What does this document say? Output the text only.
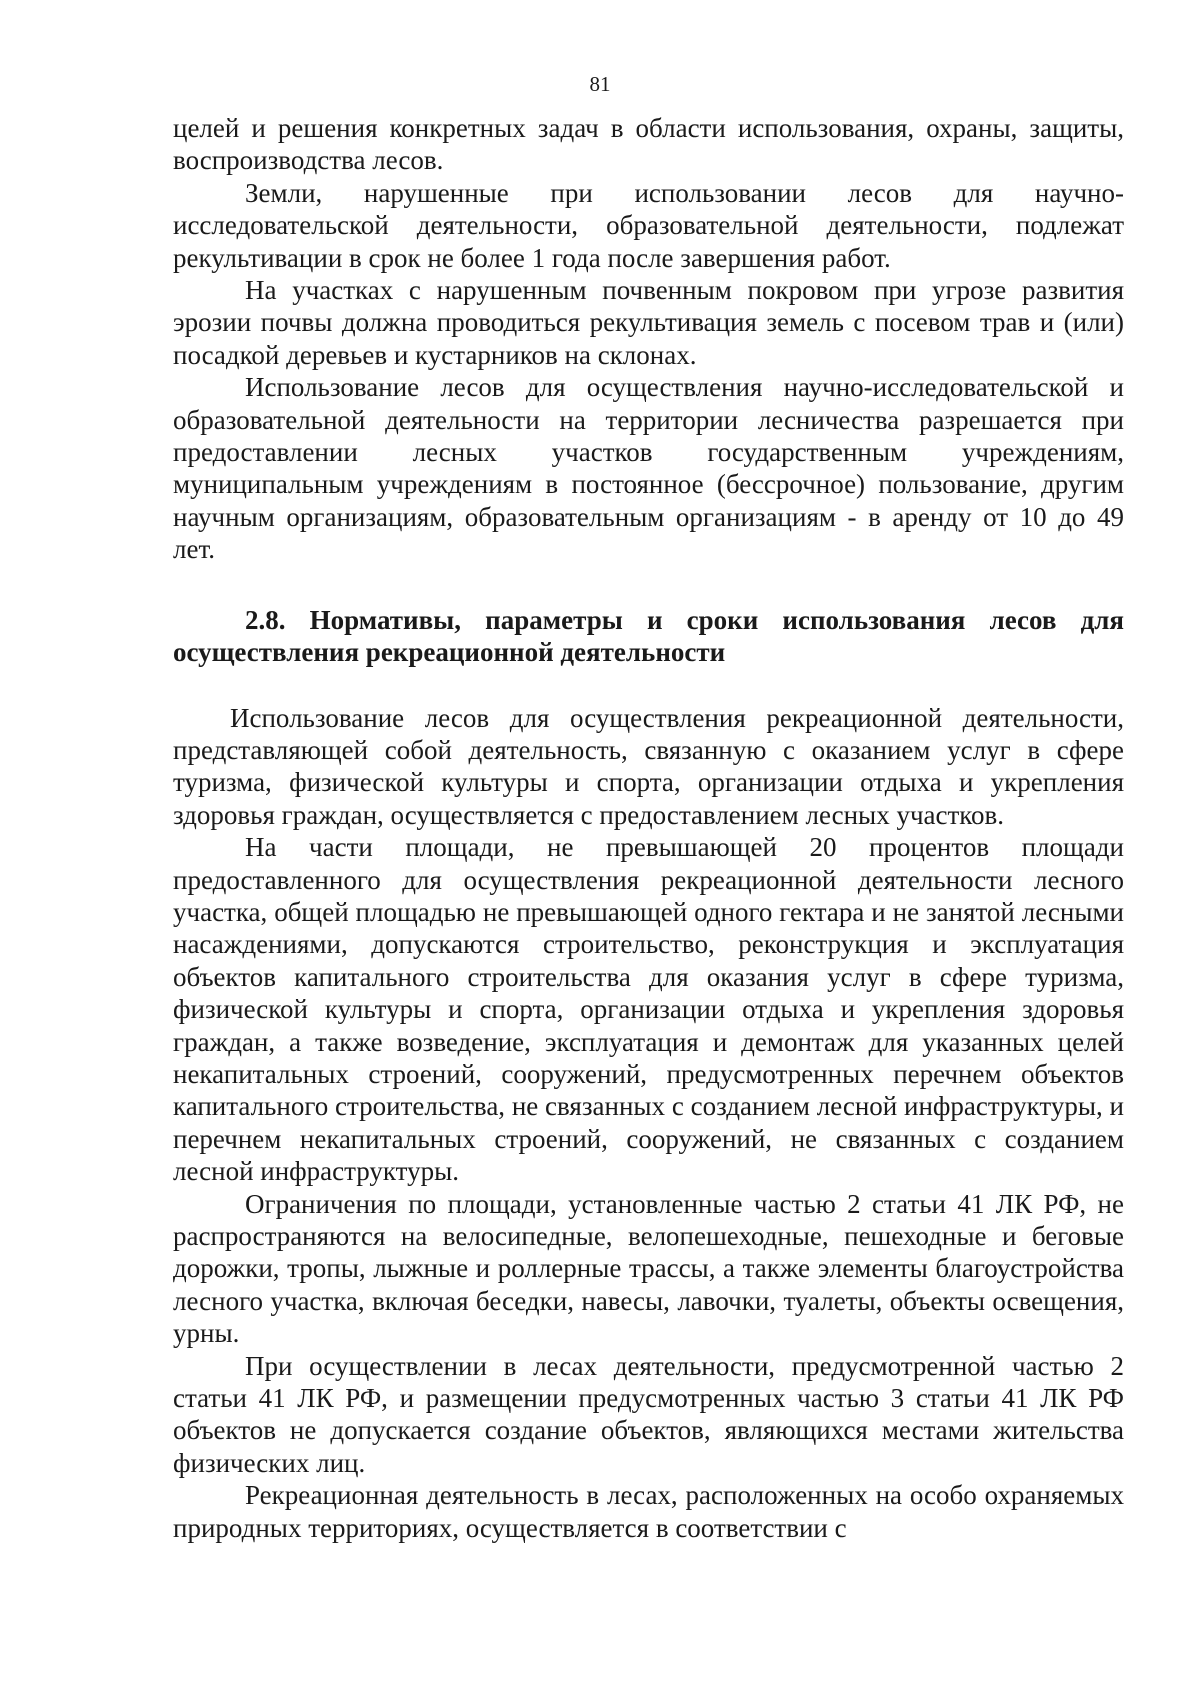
81

целей и решения конкретных задач в области использования, охраны, защиты, воспроизводства лесов.

Земли, нарушенные при использовании лесов для научно-исследовательской деятельности, образовательной деятельности, подлежат рекультивации в срок не более 1 года после завершения работ.

На участках с нарушенным почвенным покровом при угрозе развития эрозии почвы должна проводиться рекультивация земель с посевом трав и (или) посадкой деревьев и кустарников на склонах.

Использование лесов для осуществления научно-исследовательской и образовательной деятельности на территории лесничества разрешается при предоставлении лесных участков государственным учреждениям, муниципальным учреждениям в постоянное (бессрочное) пользование, другим научным организациям, образовательным организациям - в аренду от 10 до 49 лет.

2.8. Нормативы, параметры и сроки использования лесов для осуществления рекреационной деятельности

Использование лесов для осуществления рекреационной деятельности, представляющей собой деятельность, связанную с оказанием услуг в сфере туризма, физической культуры и спорта, организации отдыха и укрепления здоровья граждан, осуществляется с предоставлением лесных участков.

На части площади, не превышающей 20 процентов площади предоставленного для осуществления рекреационной деятельности лесного участка, общей площадью не превышающей одного гектара и не занятой лесными насаждениями, допускаются строительство, реконструкция и эксплуатация объектов капитального строительства для оказания услуг в сфере туризма, физической культуры и спорта, организации отдыха и укрепления здоровья граждан, а также возведение, эксплуатация и демонтаж для указанных целей некапитальных строений, сооружений, предусмотренных перечнем объектов капитального строительства, не связанных с созданием лесной инфраструктуры, и перечнем некапитальных строений, сооружений, не связанных с созданием лесной инфраструктуры.

Ограничения по площади, установленные частью 2 статьи 41 ЛК РФ, не распространяются на велосипедные, велопешеходные, пешеходные и беговые дорожки, тропы, лыжные и роллерные трассы, а также элементы благоустройства лесного участка, включая беседки, навесы, лавочки, туалеты, объекты освещения, урны.

При осуществлении в лесах деятельности, предусмотренной частью 2 статьи 41 ЛК РФ, и размещении предусмотренных частью 3 статьи 41 ЛК РФ объектов не допускается создание объектов, являющихся местами жительства физических лиц.

Рекреационная деятельность в лесах, расположенных на особо охраняемых природных территориях, осуществляется в соответствии с
